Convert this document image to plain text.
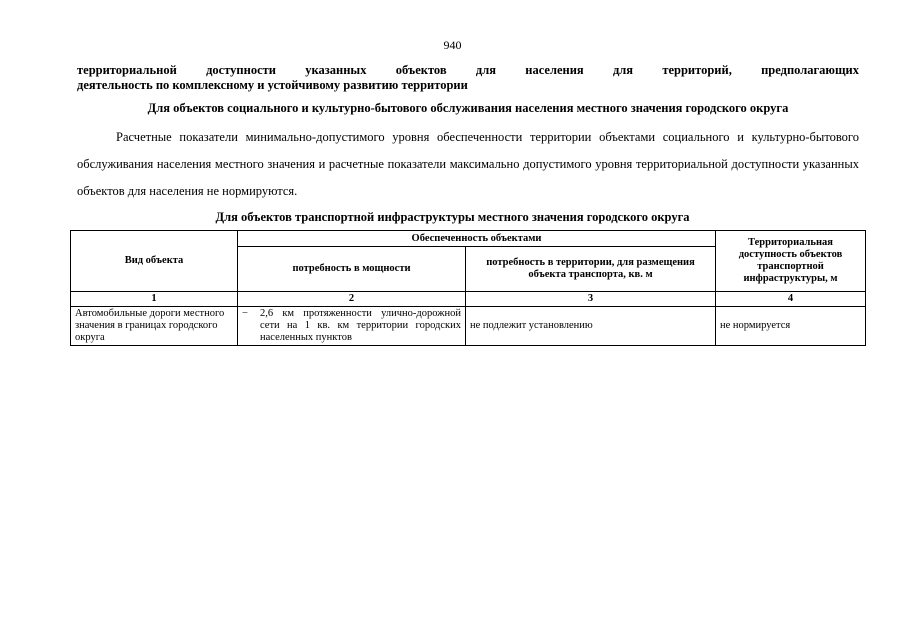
940
территориальной доступности указанных объектов для населения для территорий, предполагающих
деятельность по комплексному и устойчивому развитию территории
Для объектов социального и культурно-бытового обслуживания населения местного значения городского округа
Расчетные показатели минимально-допустимого уровня обеспеченности территории объектами социального и культурно-бытового обслуживания населения местного значения и расчетные показатели максимально допустимого уровня территориальной доступности указанных объектов для населения не нормируются.
Для объектов транспортной инфраструктуры местного значения городского округа
Вид объекта	Обеспеченность объектами		Территориальная доступность объектов транспортной инфраструктуры, м
	потребность в мощности	потребность в территории, для размещения объекта транспорта, кв. м	
1	2	3	4
Автомобильные дороги местного значения в границах городского округа	− 2,6 км протяженности улично-дорожной сети на 1 кв. км территории городских населенных пунктов	не подлежит установлению	не нормируется
